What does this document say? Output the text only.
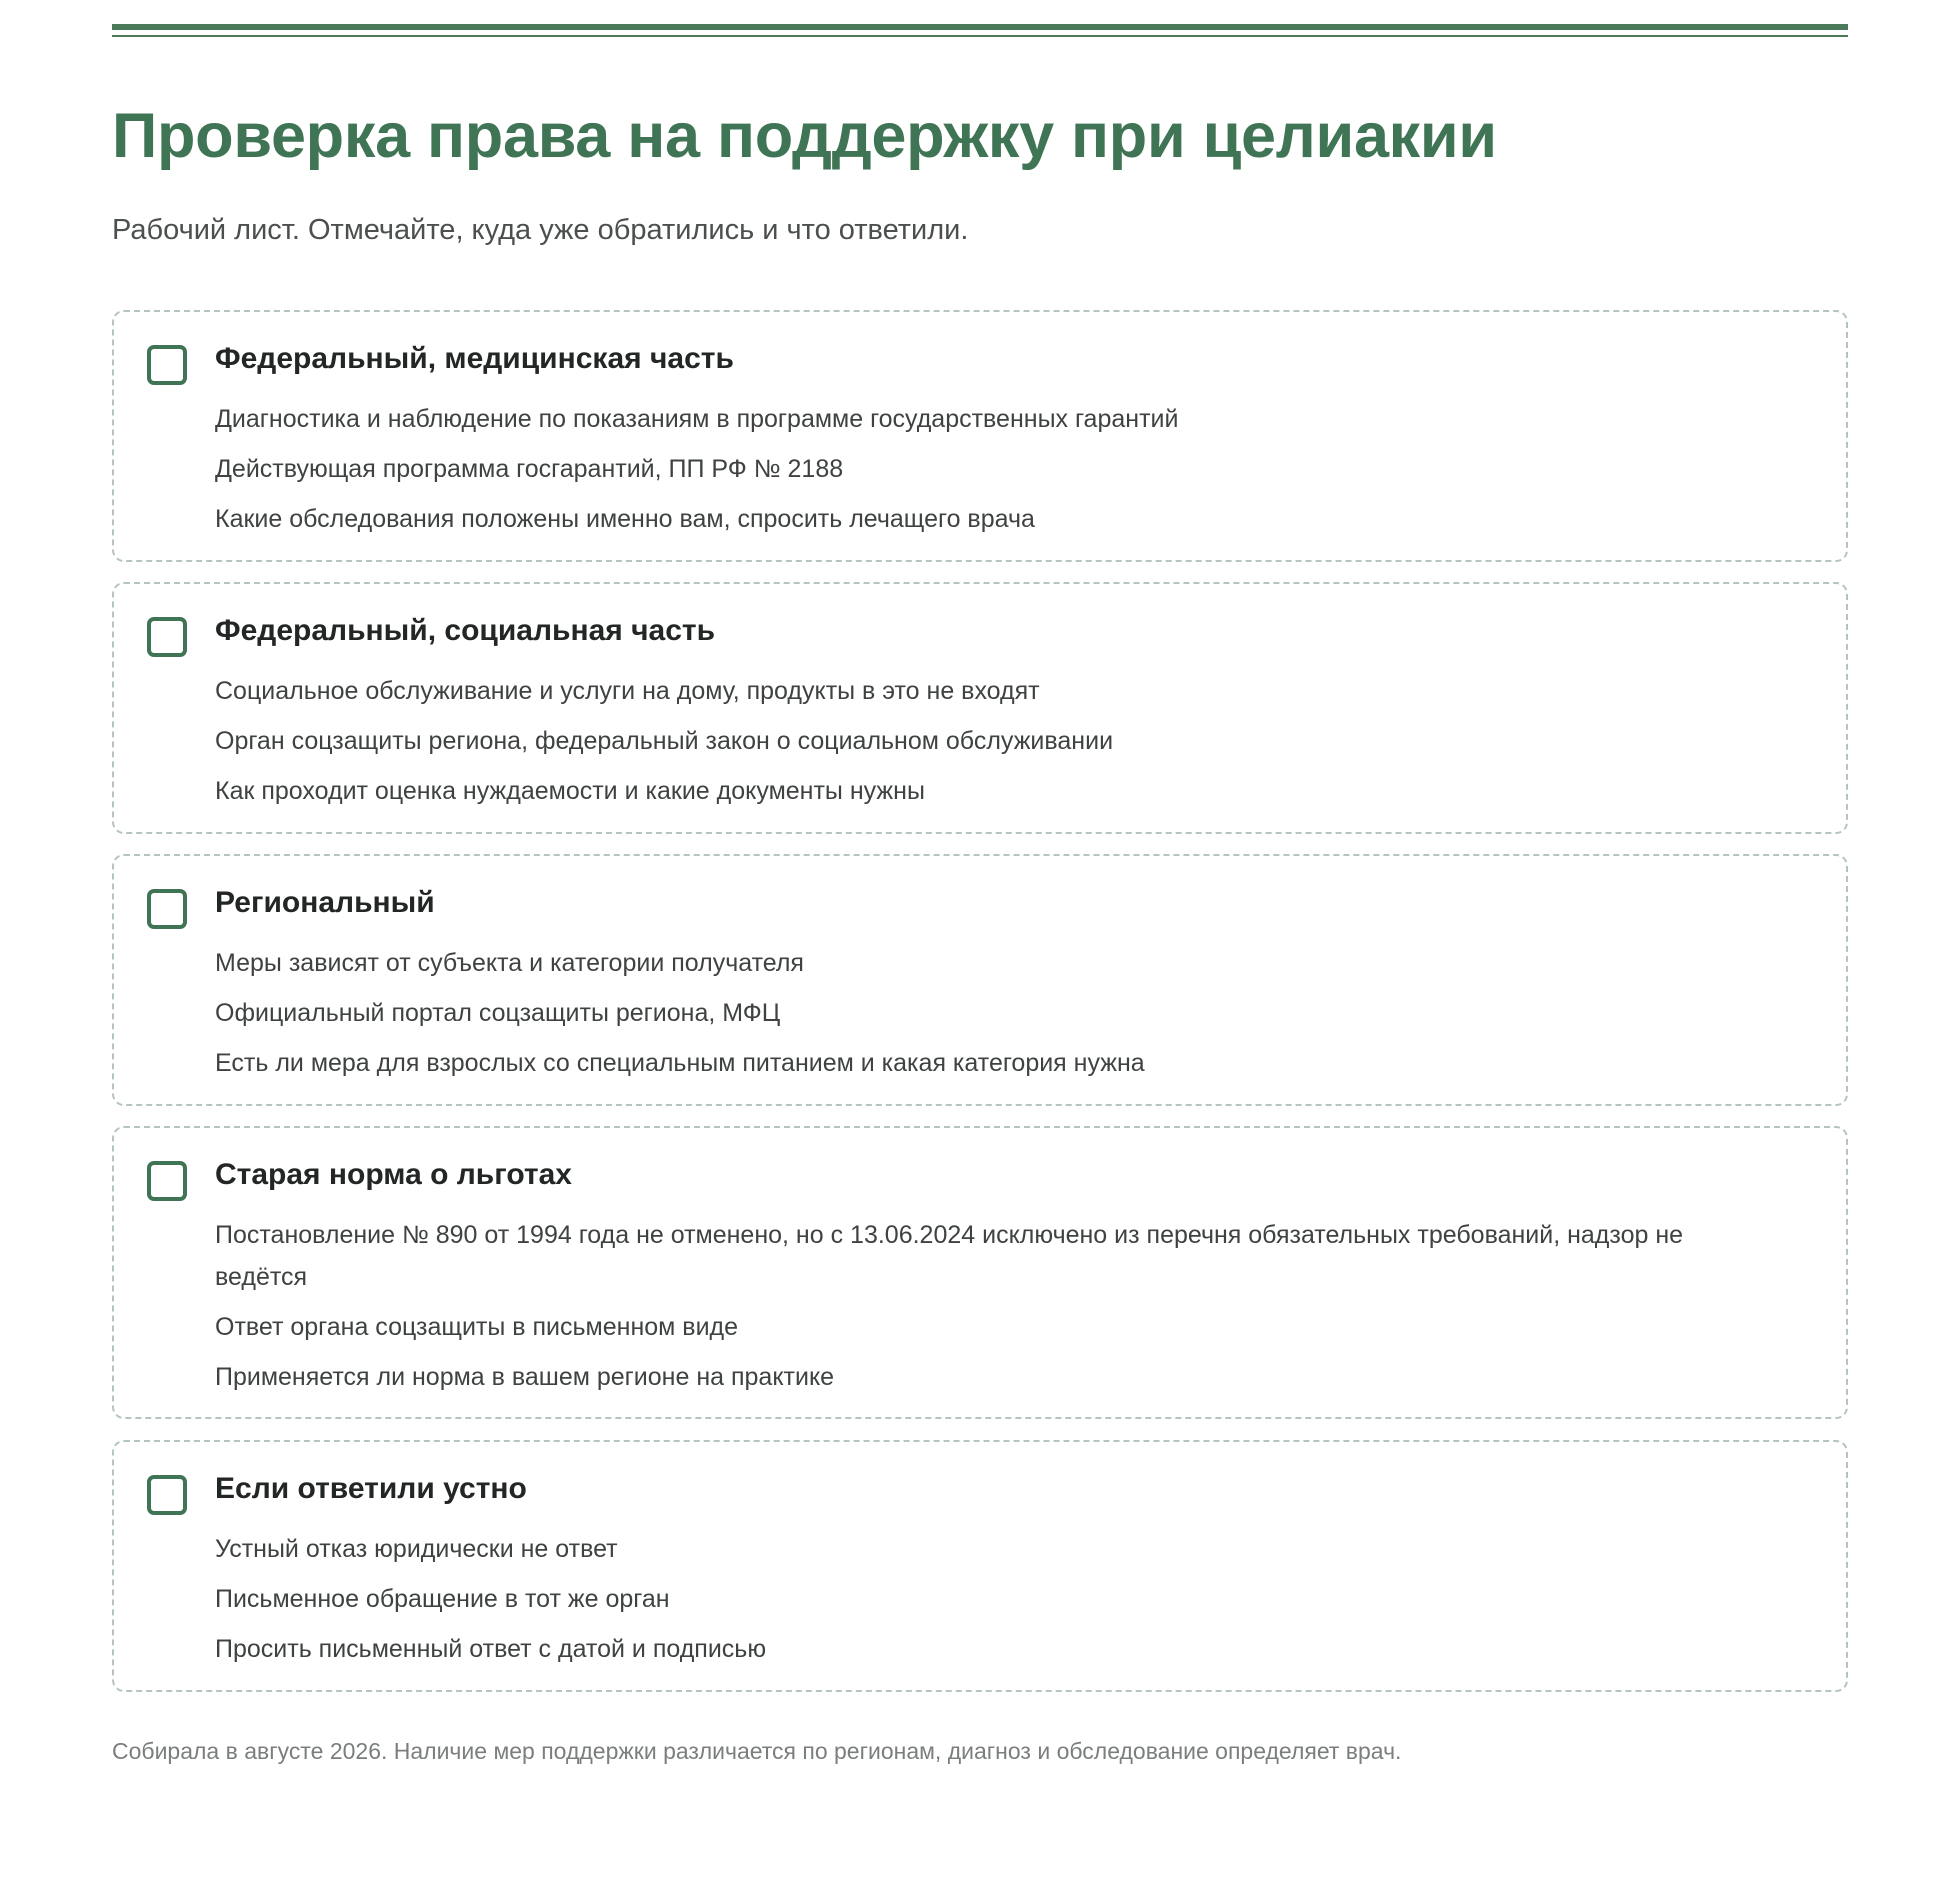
Проверка права на поддержку при целиакии

Рабочий лист. Отмечайте, куда уже обратились и что ответили.

Федеральный, медицинская часть
Диагностика и наблюдение по показаниям в программе государственных гарантий
Действующая программа госгарантий, ПП РФ № 2188
Какие обследования положены именно вам, спросить лечащего врача
Федеральный, социальная часть
Социальное обслуживание и услуги на дому, продукты в это не входят
Орган соцзащиты региона, федеральный закон о социальном обслуживании
Как проходит оценка нуждаемости и какие документы нужны
Региональный
Меры зависят от субъекта и категории получателя
Официальный портал соцзащиты региона, МФЦ
Есть ли мера для взрослых со специальным питанием и какая категория нужна
Старая норма о льготах
Постановление № 890 от 1994 года не отменено, но с 13.06.2024 исключено из перечня обязательных требований, надзор не ведётся
Ответ органа соцзащиты в письменном виде
Применяется ли норма в вашем регионе на практике
Если ответили устно
Устный отказ юридически не ответ
Письменное обращение в тот же орган
Просить письменный ответ с датой и подписью

Собирала в августе 2026. Наличие мер поддержки различается по регионам, диагноз и обследование определяет врач.
